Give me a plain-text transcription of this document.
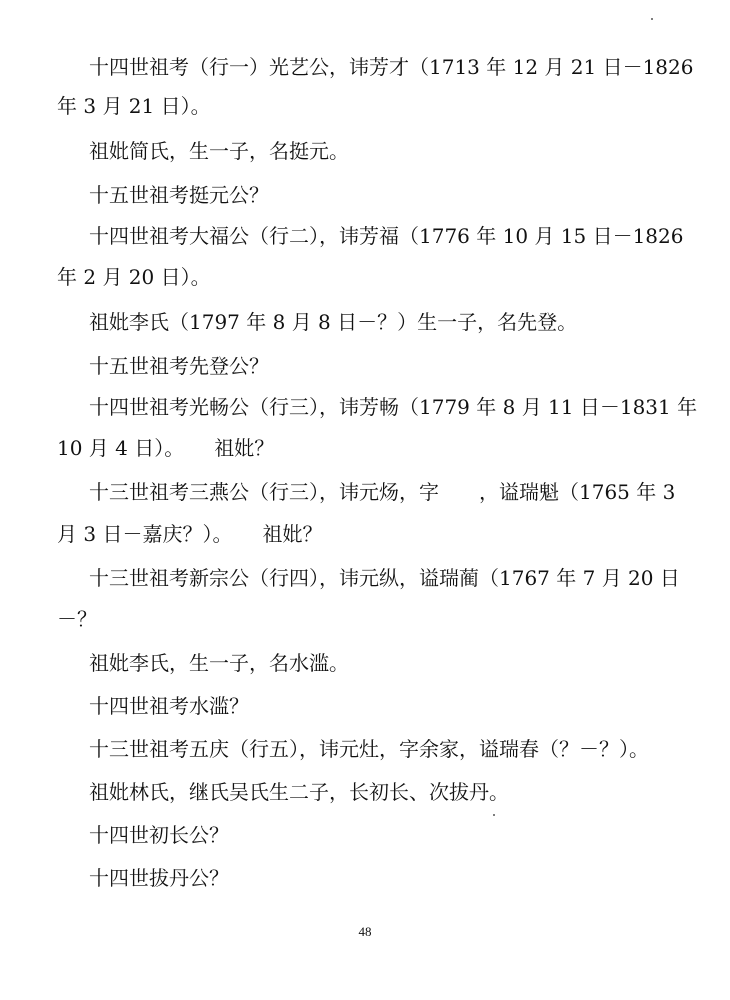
十四世祖考（行一）光艺公，讳芳才（1713 年 12 月 21 日－1826
年 3 月 21 日）。
祖妣简氏，生一子，名挺元。
十五世祖考挺元公？
十四世祖考大福公（行二），讳芳福（1776 年 10 月 15 日－1826
年 2 月 20 日）。
祖妣李氏（1797 年 8 月 8 日－？）生一子，名先登。
十五世祖考先登公？
十四世祖考光畅公（行三），讳芳畅（1779 年 8 月 11 日－1831 年
10 月 4 日）。　　祖妣？
十三世祖考三燕公（行三），讳元炀，字　　，谥瑞魁（1765 年 3
月 3 日－嘉庆？）。　　祖妣？
十三世祖考新宗公（行四），讳元纵，谥瑞蔺（1767 年 7 月 20 日
－？
祖妣李氏，生一子，名水滥。
十四世祖考水滥？
十三世祖考五庆（行五），讳元灶，字余家，谥瑞春（？－？）。
祖妣林氏，继氏吴氏生二子，长初长、次拔丹。
十四世初长公？
十四世拔丹公？
48
